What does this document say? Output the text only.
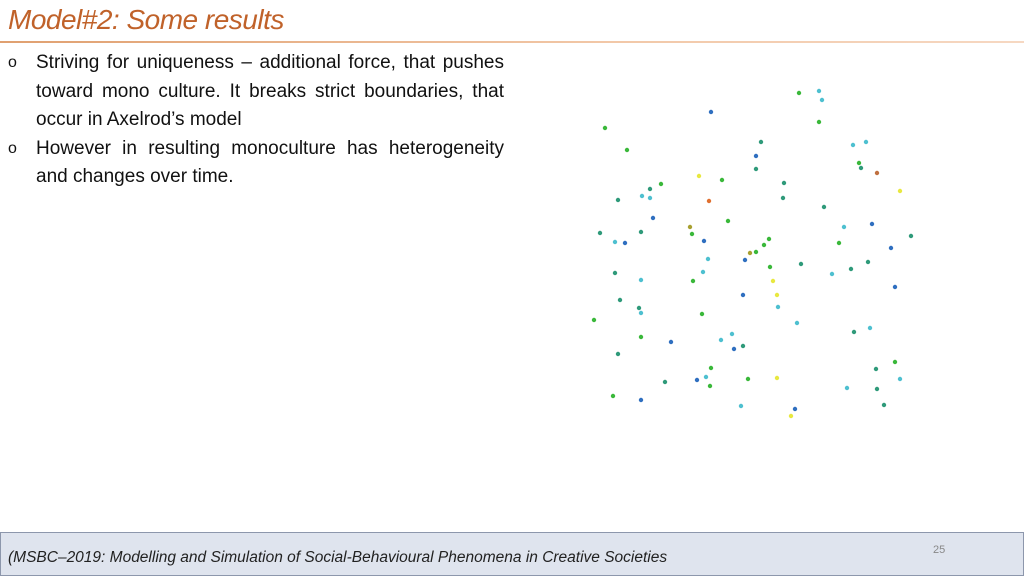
Model#2: Some results
o Striving for uniqueness – additional force, that pushes toward mono culture. It breaks strict boundaries, that occur in Axelrod’s model
o However in resulting monoculture has heterogeneity and changes over time.
(MSBC–2019: Modelling and Simulation of Social-Behavioural Phenomena in Creative Societies	25
